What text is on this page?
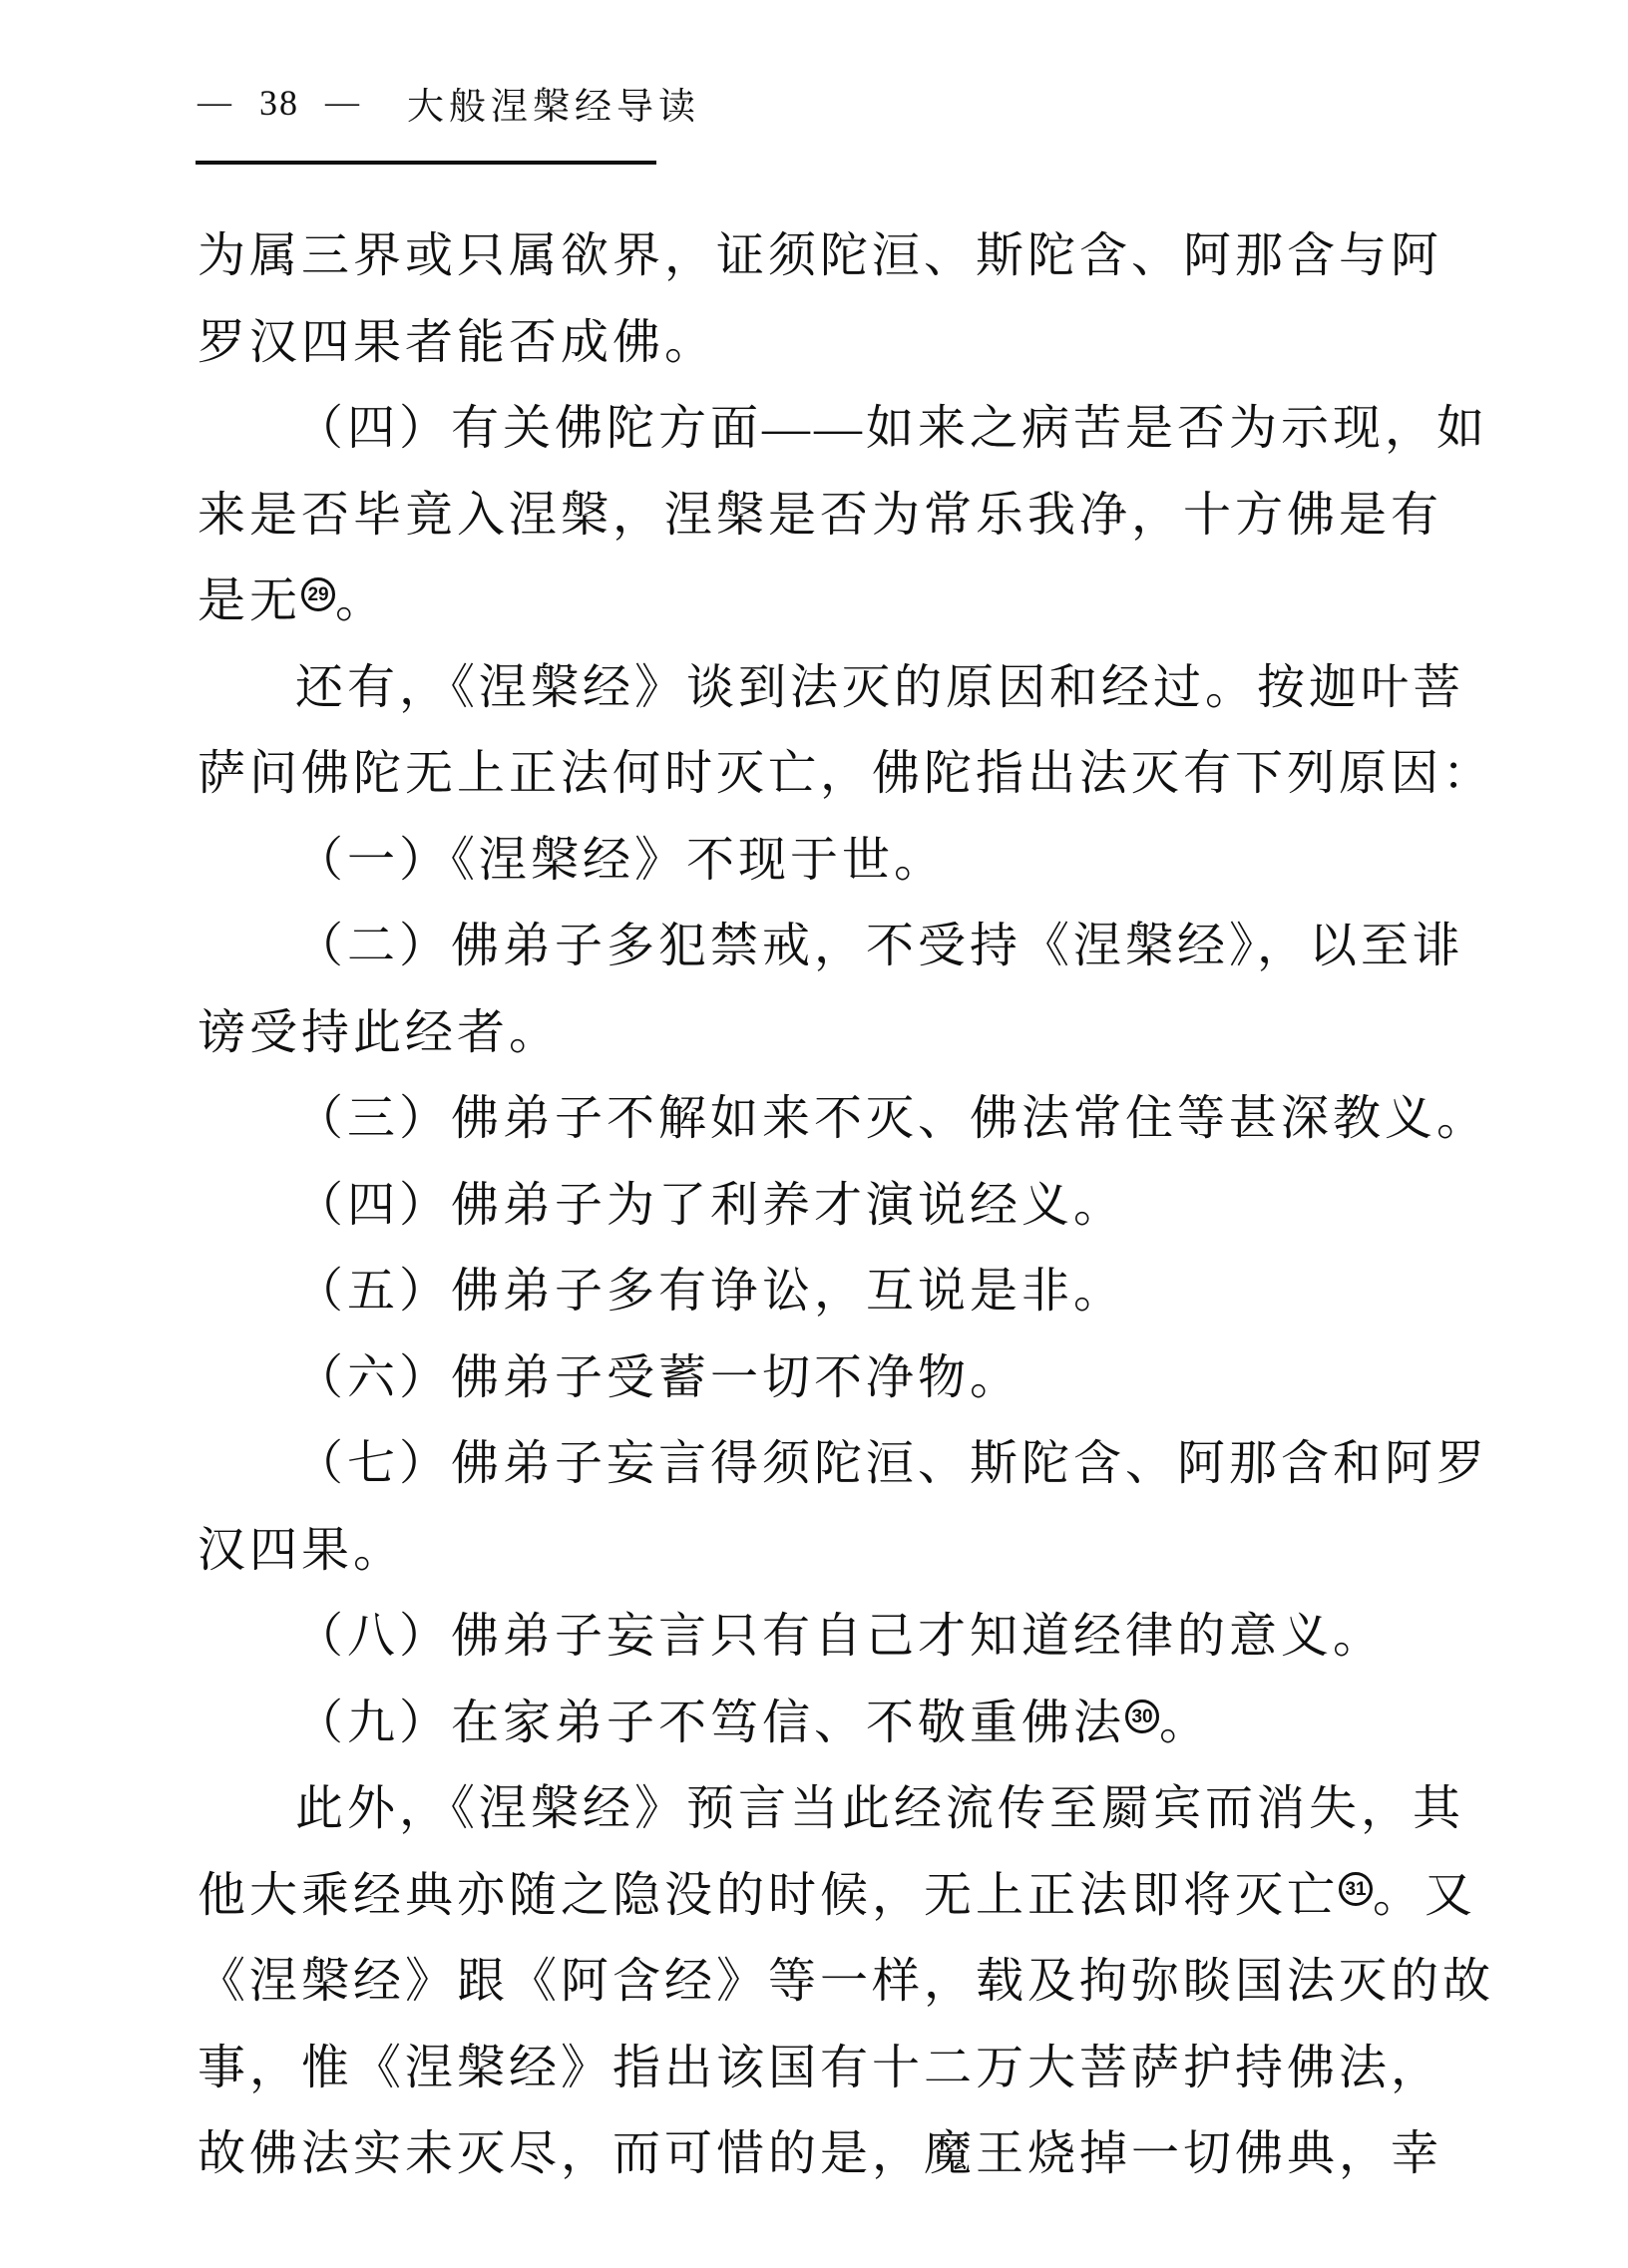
— 38 — 大般涅槃经导读
为属三界或只属欲界，证须陀洹、斯陀含、阿那含与阿
罗汉四果者能否成佛。
（四）有关佛陀方面——如来之病苦是否为示现，如
来是否毕竟入涅槃，涅槃是否为常乐我净，十方佛是有
是无 29 。
还有，《涅槃经》谈到法灭的原因和经过。按迦叶菩
萨问佛陀无上正法何时灭亡，佛陀指出法灭有下列原因：
（一）《涅槃经》不现于世。
（二）佛弟子多犯禁戒，不受持《涅槃经》，以至诽
谤受持此经者。
（三）佛弟子不解如来不灭、佛法常住等甚深教义。
（四）佛弟子为了利养才演说经义。
（五）佛弟子多有诤讼，互说是非。
（六）佛弟子受蓄一切不净物。
（七）佛弟子妄言得须陀洹、斯陀含、阿那含和阿罗
汉四果。
（八）佛弟子妄言只有自己才知道经律的意义。
（九）在家弟子不笃信、不敬重佛法 30 。
此外，《涅槃经》预言当此经流传至罽宾而消失，其
他大乘经典亦随之隐没的时候，无上正法即将灭亡 31 。又
《涅槃经》跟《阿含经》等一样，载及拘弥睒国法灭的故
事，惟《涅槃经》指出该国有十二万大菩萨护持佛法，
故佛法实未灭尽，而可惜的是，魔王烧掉一切佛典，幸
